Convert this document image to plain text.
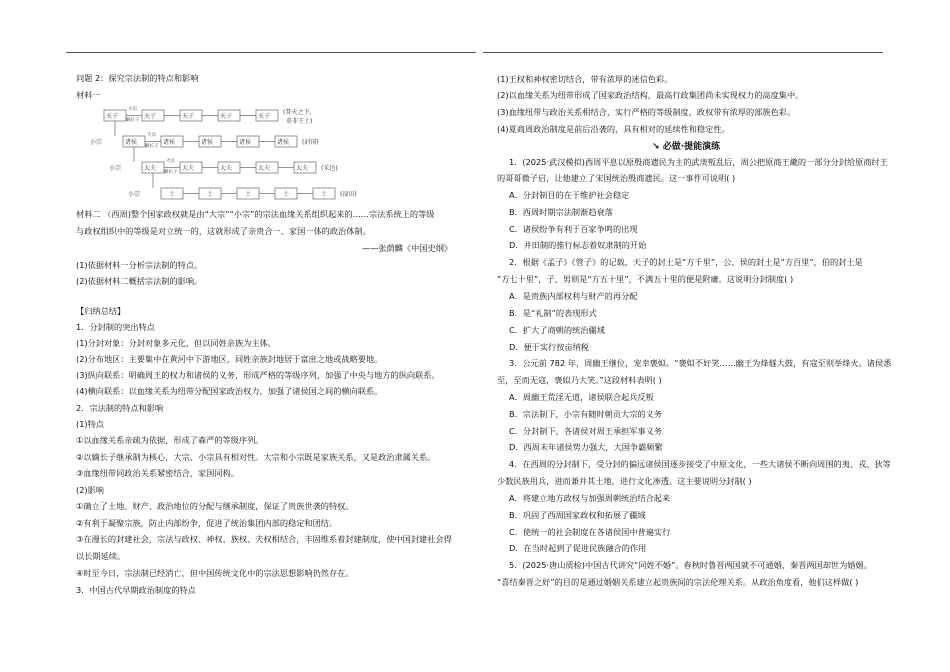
问题 2：探究宗法制的特点和影响
材料一
天子	天子	天子	天子	天子
大宗
嫡长子
(普天之下，
莫非王土)
小宗	诸侯	诸侯	诸侯	诸侯	诸侯
大宗
嫡长子
(封国)
小宗	大夫	大夫	大夫	大夫	大夫
大宗
嫡长子
(采邑)
小宗	士	士	士	士	士 (禄田)
材料二 （西周)整个国家政权就是由“大宗”“小宗”的宗法血缘关系组织起来的……宗法系统上的等级
与政权组织中的等级是对立统一的，这就形成了亲贵合一、家国一体的政治体制。
——张荫麟《中国史纲》
(1)依据材料一分析宗法制的特点。
(2)依据材料二概括宗法制的影响。
【归纳总结】
1．分封制的突出特点
(1)分封对象：分封对象多元化，但以同姓亲族为主体。
(2)分布地区：主要集中在黄河中下游地区，同姓亲族封地居于富庶之地或战略要地。
(3)纵向联系：明确周王的权力和诸侯的义务，形成严格的等级序列，加强了中央与地方的纵向联系。
(4)横向联系：以血缘关系为纽带分配国家政治权力，加强了诸侯国之间的横向联系。
2．宗法制的特点和影响
(1)特点
①以血缘关系亲疏为依据，形成了森严的等级序列。
②以嫡长子继承制为核心，大宗、小宗具有相对性。大宗和小宗既是家族关系，又是政治隶属关系。
③血缘纽带同政治关系紧密结合，家国同构。
(2)影响
①确立了土地、财产、政治地位的分配与继承制度，保证了贵族世袭的特权。
②有利于凝聚宗族，防止内部纷争，促进了统治集团内部的稳定和团结。
③在漫长的封建社会，宗法与政权、神权、族权、夫权相结合，丰固维系着封建制度，使中国封建社会得
以长期延续。
④时至今日，宗法制已经消亡，但中国传统文化中的宗法思想影响仍然存在。
3．中国古代早期政治制度的特点
(1)王权和神权密切结合，带有浓厚的迷信色彩。
(2)以血缘关系为纽带形成了国家政治结构，最高行政集团尚未实现权力的高度集中。
(3)血缘纽带与政治关系相结合，实行严格的等级制度，政权带有浓厚的部族色彩。
(4)夏商周政治制度是前后沿袭的，具有相对的延续性和稳定性。
↘ 必做·提能演练
1．(2025·武汉模拟)西周平息以原殷商遗民为主的武庚叛乱后，周公把原商王畿的一部分分封给原商纣王
的哥哥微子启，让他建立了宋国统治殷商遗民。这一事件可说明( )
A．分封制目的在于维护社会稳定
B．西周时期宗法制渐趋衰落
C．诸侯纷争有利于百家争鸣的出现
D．井田制的推行标志着奴隶制的开始
2．根据《孟子》《管子》的记载，天子的封土是“方千里”，公、侯的封土是“方百里”，伯的封土是
“方七十里”，子、男则是“方五十里”，不满五十里的便是附庸。这说明分封制度( )
A．是贵族内部权利与财产的再分配
B．是“礼制”的表现形式
C．扩大了商朝的统治疆域
D．便于实行按亩纳税
3．公元前 782 年，周幽王继位，宠幸褒姒。“褒姒不好笑……幽王为烽燧大鼓，有寇至则举烽火。诸侯悉
至，至而无寇，褒姒乃大笑。”这段材料表明( )
A．周幽王荒淫无道，诸侯联合起兵反叛
B．宗法制下，小宗有随时朝贡大宗的义务
C．分封制下，各诸侯对周王承担军事义务
D．西周末年诸侯势力强大，大国争霸频繁
4．在西周的分封制下，受分封的偏远诸侯国逐步接受了中原文化，一些大诸侯不断向周围的夷、戎、狄等
少数民族用兵，进而兼并其土地，进行文化渗透。这主要说明分封制( )
A．将建立地方政权与加强周朝统治结合起来
B．巩固了西周国家政权和拓展了疆域
C．使统一的社会制度在各诸侯国中普遍实行
D．在当时起到了促进民族融合的作用
5．(2025·唐山质检)中国古代讲究“同姓不婚”。春秋时鲁晋两国就不可通婚，秦晋两国却世为婚姻。
“喜结秦晋之好”的目的是通过婚姻关系建立起贵族间的宗法伦理关系。从政治角度看，他们这样做( )
